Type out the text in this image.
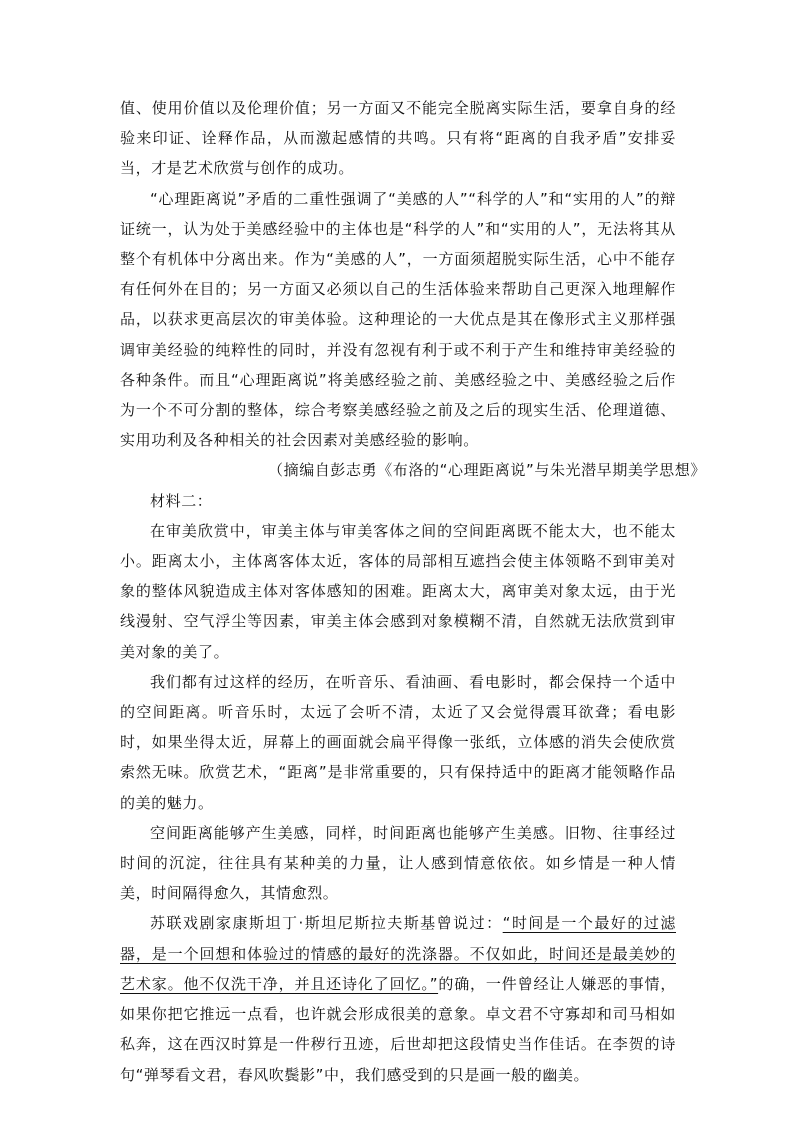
值、使用价值以及伦理价值；另一方面又不能完全脱离实际生活，要拿自身的经验来印证、诠释作品，从而激起感情的共鸣。只有将“距离的自我矛盾”安排妥当，才是艺术欣赏与创作的成功。

“心理距离说”矛盾的二重性强调了“美感的人”“科学的人”和“实用的人”的辩证统一，认为处于美感经验中的主体也是“科学的人”和“实用的人”，无法将其从整个有机体中分离出来。作为“美感的人”，一方面须超脱实际生活，心中不能存有任何外在目的；另一方面又必须以自己的生活体验来帮助自己更深入地理解作品，以获求更高层次的审美体验。这种理论的一大优点是其在像形式主义那样强调审美经验的纯粹性的同时，并没有忽视有利于或不利于产生和维持审美经验的各种条件。而且“心理距离说”将美感经验之前、美感经验之中、美感经验之后作为一个不可分割的整体，综合考察美感经验之前及之后的现实生活、伦理道德、实用功利及各种相关的社会因素对美感经验的影响。

（摘编自彭志勇《布洛的“心理距离说”与朱光潜早期美学思想》

材料二：

在审美欣赏中，审美主体与审美客体之间的空间距离既不能太大，也不能太小。距离太小，主体离客体太近，客体的局部相互遮挡会使主体领略不到审美对象的整体风貌造成主体对客体感知的困难。距离太大，离审美对象太远，由于光线漫射、空气浮尘等因素，审美主体会感到对象模糊不清，自然就无法欣赏到审美对象的美了。

我们都有过这样的经历，在听音乐、看油画、看电影时，都会保持一个适中的空间距离。听音乐时，太远了会听不清，太近了又会觉得震耳欲聋；看电影时，如果坐得太近，屏幕上的画面就会扁平得像一张纸，立体感的消失会使欣赏索然无味。欣赏艺术，“距离”是非常重要的，只有保持适中的距离才能领略作品的美的魅力。

空间距离能够产生美感，同样，时间距离也能够产生美感。旧物、往事经过时间的沉淀，往往具有某种美的力量，让人感到情意依依。如乡情是一种人情美，时间隔得愈久，其情愈烈。

苏联戏剧家康斯坦丁·斯坦尼斯拉夫斯基曾说过：“时间是一个最好的过滤器，是一个回想和体验过的情感的最好的洗涤器。不仅如此，时间还是最美妙的艺术家。他不仅洗干净，并且还诗化了回忆。”的确，一件曾经让人嫌恶的事情，如果你把它推远一点看，也许就会形成很美的意象。卓文君不守寡却和司马相如私奔，这在西汉时算是一件秽行丑迹，后世却把这段情史当作佳话。在李贺的诗句“弹琴看文君，春风吹鬓影”中，我们感受到的只是画一般的幽美。
